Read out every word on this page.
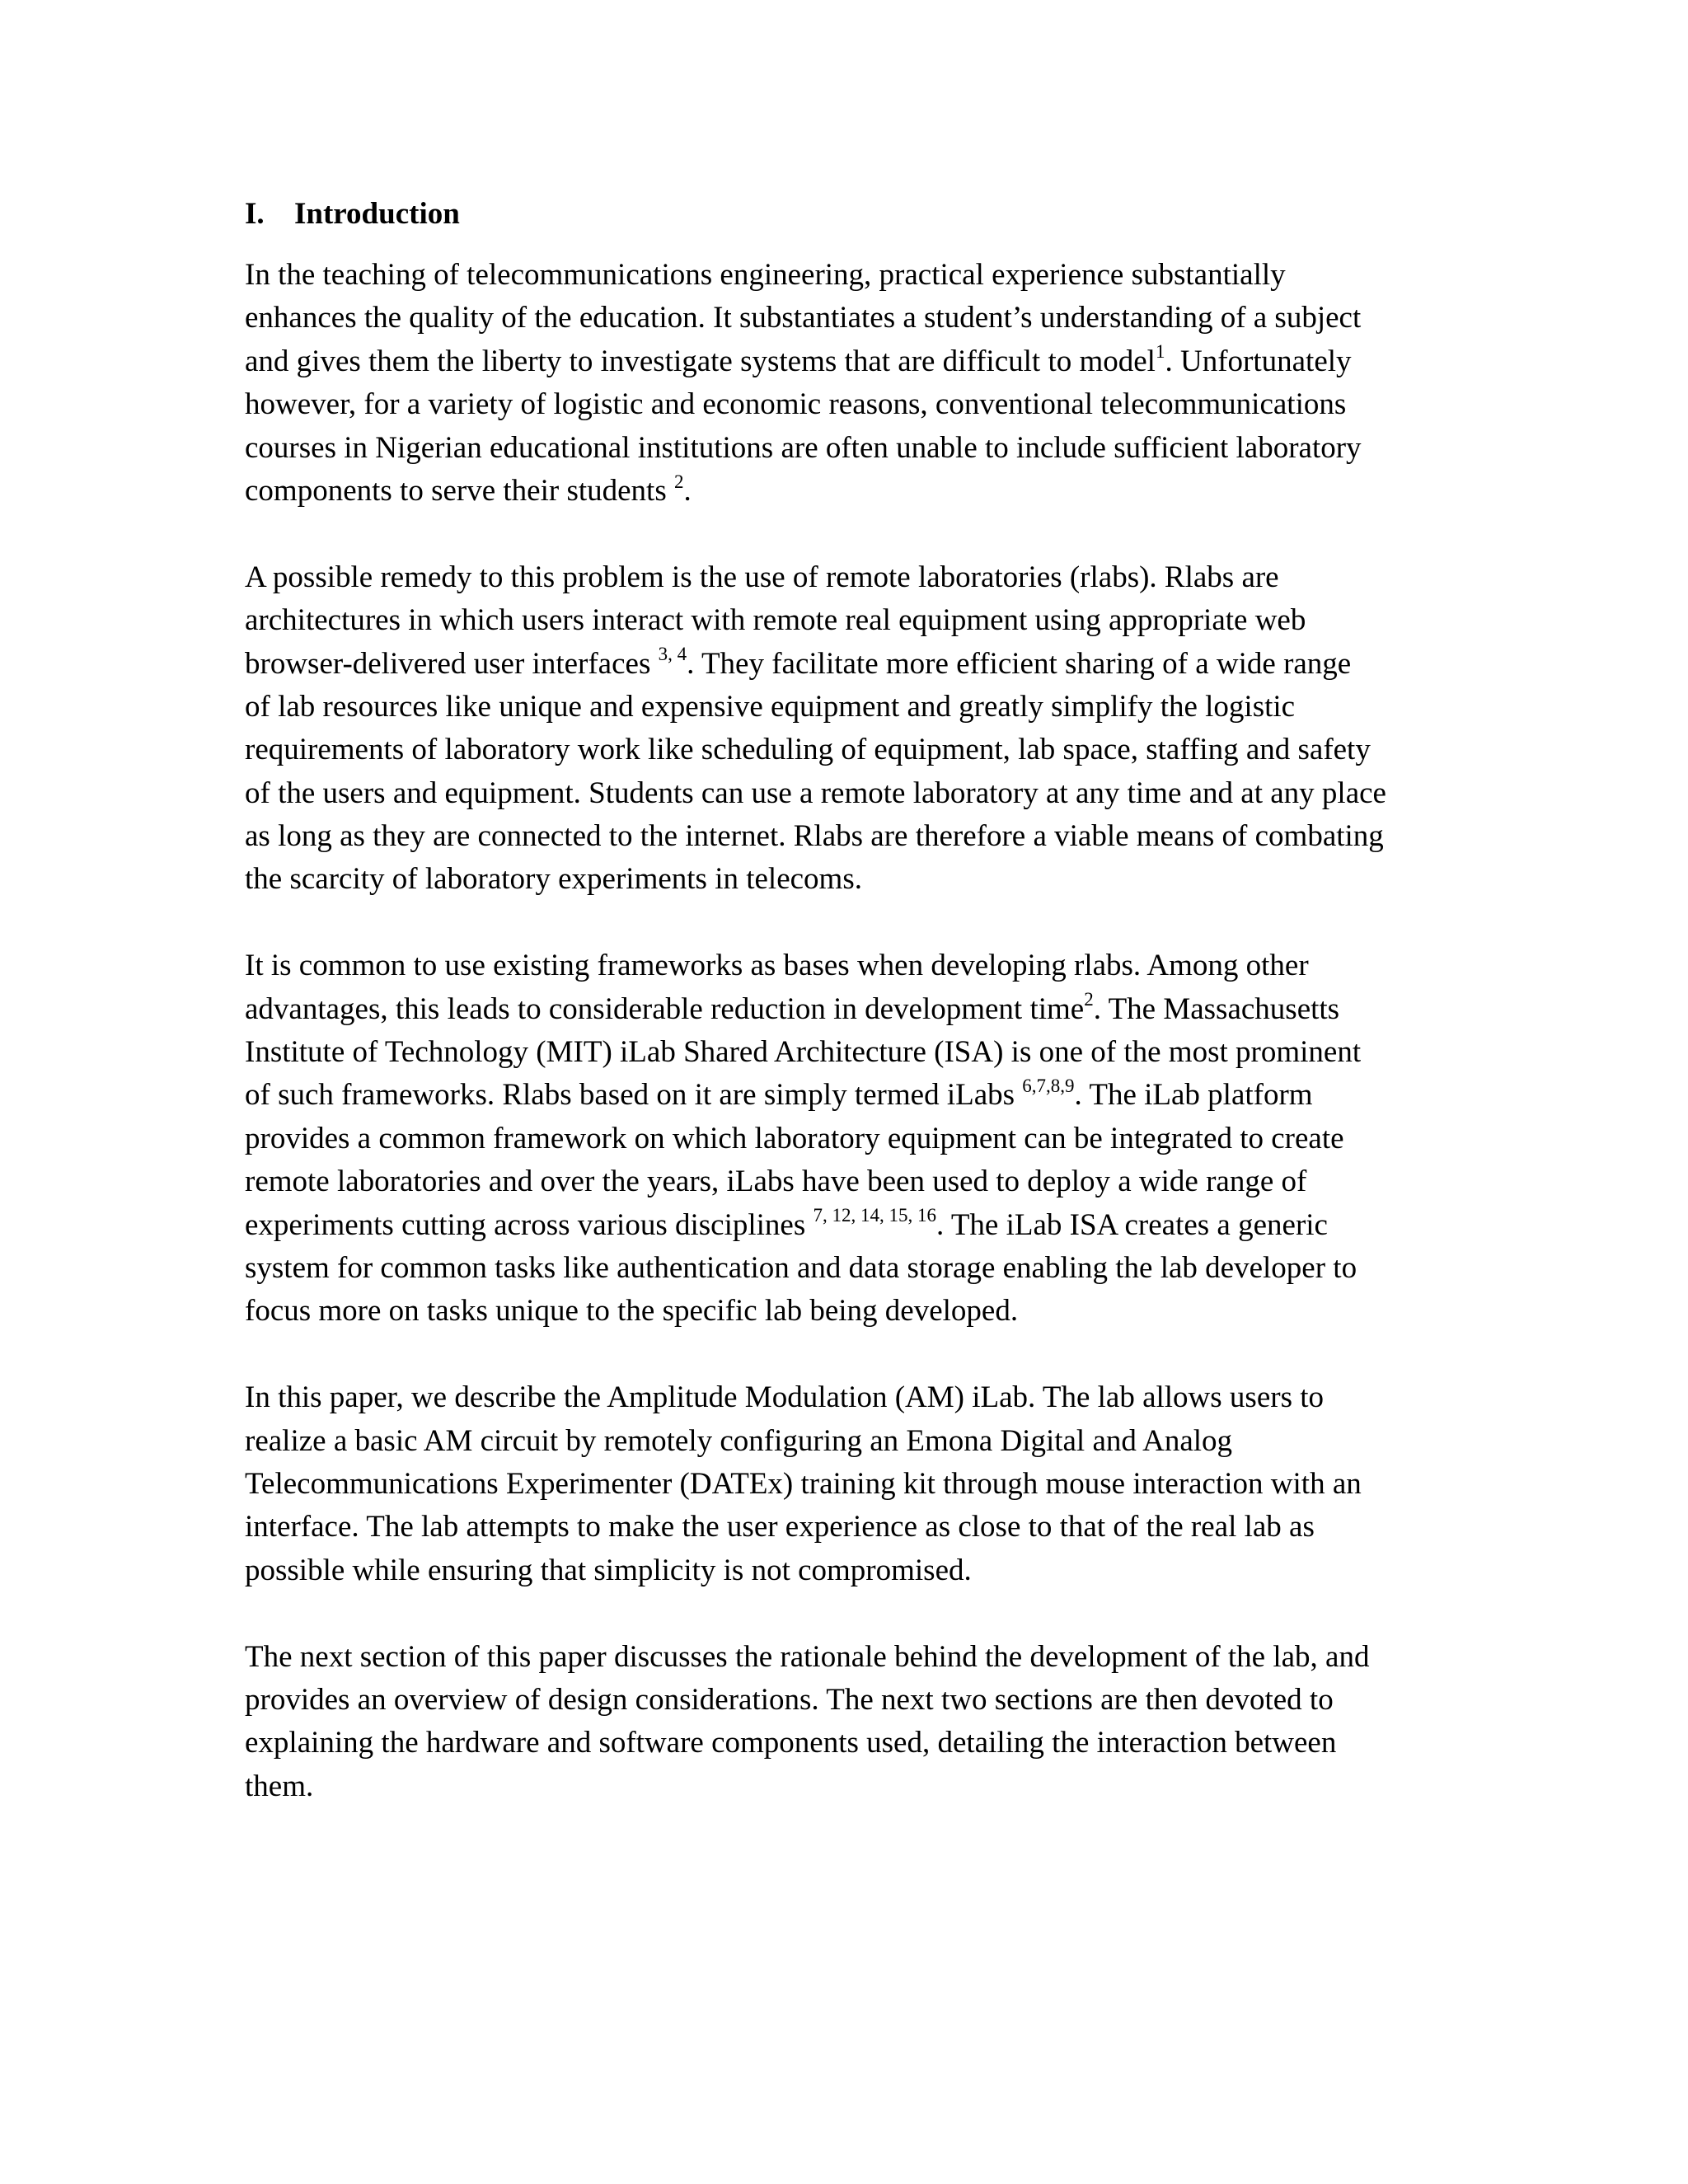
I. Introduction
In the teaching of telecommunications engineering, practical experience substantially
enhances the quality of the education. It substantiates a student’s understanding of a subject
and gives them the liberty to investigate systems that are difficult to model$^1$. Unfortunately
however, for a variety of logistic and economic reasons, conventional telecommunications
courses in Nigerian educational institutions are often unable to include sufficient laboratory
components to serve their students $^2$.
A possible remedy to this problem is the use of remote laboratories (rlabs). Rlabs are
architectures in which users interact with remote real equipment using appropriate web
browser-delivered user interfaces $^{3, 4}$. They facilitate more efficient sharing of a wide range
of lab resources like unique and expensive equipment and greatly simplify the logistic
requirements of laboratory work like scheduling of equipment, lab space, staffing and safety
of the users and equipment. Students can use a remote laboratory at any time and at any place
as long as they are connected to the internet. Rlabs are therefore a viable means of combating
the scarcity of laboratory experiments in telecoms.
It is common to use existing frameworks as bases when developing rlabs. Among other
advantages, this leads to considerable reduction in development time$^2$. The Massachusetts
Institute of Technology (MIT) iLab Shared Architecture (ISA) is one of the most prominent
of such frameworks. Rlabs based on it are simply termed iLabs $^{6,7,8,9}$. The iLab platform
provides a common framework on which laboratory equipment can be integrated to create
remote laboratories and over the years, iLabs have been used to deploy a wide range of
experiments cutting across various disciplines $^{7, 12, 14, 15, 16}$. The iLab ISA creates a generic
system for common tasks like authentication and data storage enabling the lab developer to
focus more on tasks unique to the specific lab being developed.
In this paper, we describe the Amplitude Modulation (AM) iLab. The lab allows users to
realize a basic AM circuit by remotely configuring an Emona Digital and Analog
Telecommunications Experimenter (DATEx) training kit through mouse interaction with an
interface. The lab attempts to make the user experience as close to that of the real lab as
possible while ensuring that simplicity is not compromised.
The next section of this paper discusses the rationale behind the development of the lab, and
provides an overview of design considerations. The next two sections are then devoted to
explaining the hardware and software components used, detailing the interaction between
them.
